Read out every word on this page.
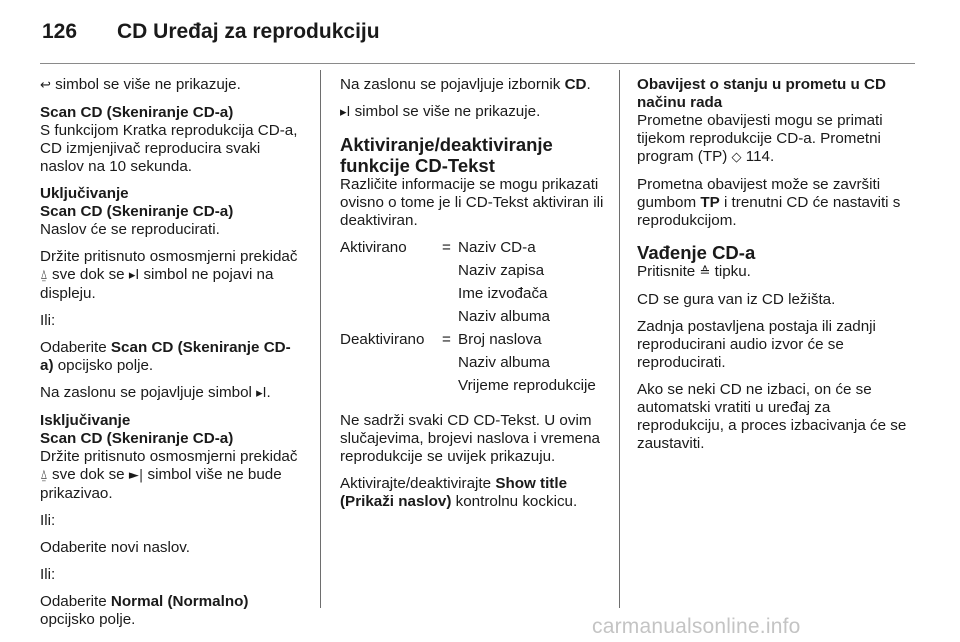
126 CD Uređaj za reprodukciju

↩ simbol se više ne prikazuje.

Scan CD (Skeniranje CD-a)

S funkcijom Kratka reprodukcija CD-a, CD izmjenjivač reproducira svaki naslov na 10 sekunda.

Uključivanje

Scan CD (Skeniranje CD-a)

Naslov će se reproducirati.

Držite pritisnuto osmosmjerni prekidač ⍙ sve dok se ▸I simbol ne pojavi na displeju.

Ili:

Odaberite Scan CD (Skeniranje CD-a) opcijsko polje.

Na zaslonu se pojavljuje simbol ▸I.

Isključivanje

Scan CD (Skeniranje CD-a)

Držite pritisnuto osmosmjerni prekidač ⍙ sve dok se ►| simbol više ne bude prikazivao.

Ili:

Odaberite novi naslov.

Ili:

Odaberite Normal (Normalno) opcijsko polje.

Na zaslonu se pojavljuje izbornik CD.

▸I simbol se više ne prikazuje.

Aktiviranje/deaktiviranje funkcije CD-Tekst

Različite informacije se mogu prikazati ovisno o tome je li CD-Tekst aktiviran ili deaktiviran.

Aktivirano	=	Naziv CD-a
		Naziv zapisa
		Ime izvođača
		Naziv albuma
Deaktivirano	=	Broj naslova
		Naziv albuma
		Vrijeme reprodukcije

Ne sadrži svaki CD CD-Tekst. U ovim slučajevima, brojevi naslova i vremena reprodukcije se uvijek prikazuju.

Aktivirajte/deaktivirajte Show title (Prikaži naslov) kontrolnu kockicu.

Obavijest o stanju u prometu u CD načinu rada

Prometne obavijesti mogu se primati tijekom reprodukcije CD-a. Prometni program (TP) ◇ 114.

Prometna obavijest može se završiti gumbom TP i trenutni CD će nastaviti s reprodukcijom.

Vađenje CD-a

Pritisnite ≙ tipku.

CD se gura van iz CD ležišta.

Zadnja postavljena postaja ili zadnji reproducirani audio izvor će se reproducirati.

Ako se neki CD ne izbaci, on će se automatski vratiti u uređaj za reprodukciju, a proces izbacivanja će se zaustaviti.

carmanualsonline.info
